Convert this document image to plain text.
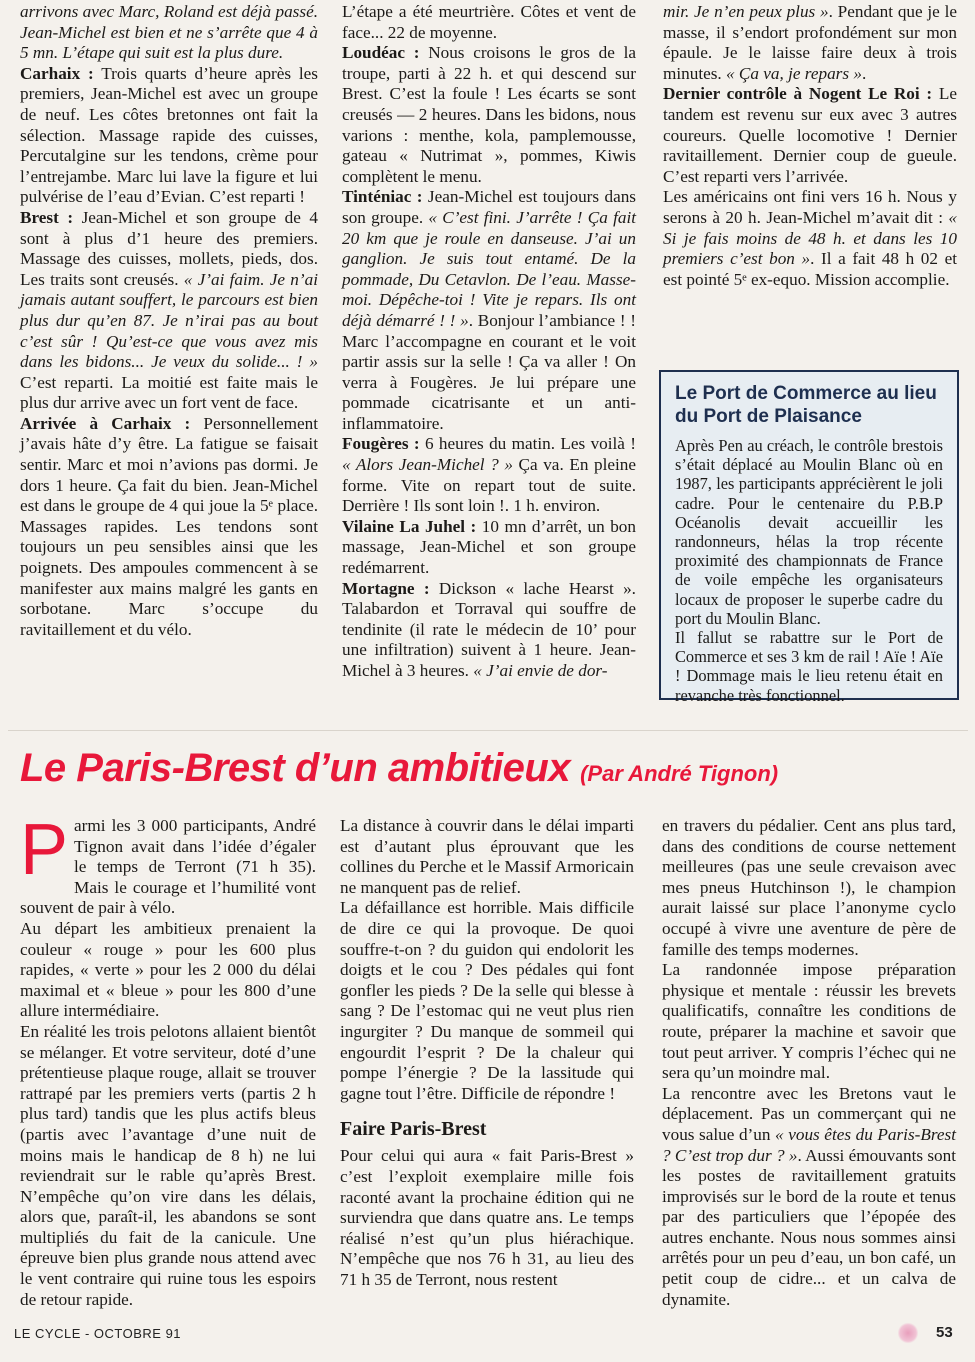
arrivons avec Marc, Roland est déjà passé. Jean-Michel est bien et ne s’arrête que 4 à 5 mn. L’étape qui suit est la plus dure.

Carhaix : Trois quarts d’heure après les premiers, Jean-Michel est avec un groupe de neuf. Les côtes bretonnes ont fait la sélection. Massage rapide des cuisses, Percutalgine sur les tendons, crème pour l’entrejambe. Marc lui lave la figure et lui pulvérise de l’eau d’Evian. C’est reparti !

Brest : Jean-Michel et son groupe de 4 sont à plus d’1 heure des premiers. Massage des cuisses, mollets, pieds, dos. Les traits sont creusés. « J’ai faim. Je n’ai jamais autant souffert, le parcours est bien plus dur qu’en 87. Je n’irai pas au bout c’est sûr ! Qu’est-ce que vous avez mis dans les bidons... Je veux du solide... ! » C’est reparti. La moitié est faite mais le plus dur arrive avec un fort vent de face.

Arrivée à Carhaix : Personnellement j’avais hâte d’y être. La fatigue se faisait sentir. Marc et moi n’avions pas dormi. Je dors 1 heure. Ça fait du bien. Jean-Michel est dans le groupe de 4 qui joue la 5ᵉ place. Massages rapides. Les tendons sont toujours un peu sensibles ainsi que les poignets. Des ampoules commencent à se manifester aux mains malgré les gants en sorbotane. Marc s’occupe du ravitaillement et du vélo.

L’étape a été meurtrière. Côtes et vent de face... 22 de moyenne.

Loudéac : Nous croisons le gros de la troupe, parti à 22 h. et qui descend sur Brest. C’est la foule ! Les écarts se sont creusés — 2 heures. Dans les bidons, nous varions : menthe, kola, pamplemousse, gateau « Nutrimat », pommes, Kiwis complètent le menu.

Tinténiac : Jean-Michel est toujours dans son groupe. « C’est fini. J’arrête ! Ça fait 20 km que je roule en danseuse. J’ai un ganglion. Je suis tout entamé. De la pommade, Du Cetavlon. De l’eau. Masse-moi. Dépêche-toi ! Vite je repars. Ils ont déjà démarré ! ! ». Bonjour l’ambiance ! ! Marc l’accompagne en courant et le voit partir assis sur la selle ! Ça va aller ! On verra à Fougères. Je lui prépare une pommade cicatrisante et un anti-inflammatoire.

Fougères : 6 heures du matin. Les voilà ! « Alors Jean-Michel ? » Ça va. En pleine forme. Vite on repart tout de suite. Derrière ! Ils sont loin !. 1 h. environ.

Vilaine La Juhel : 10 mn d’arrêt, un bon massage, Jean-Michel et son groupe redémarrent.

Mortagne : Dickson « lache Hearst ». Talabardon et Torraval qui souffre de tendinite (il rate le médecin de 10’ pour une infiltration) suivent à 1 heure. Jean-Michel à 3 heures. « J’ai envie de dor-

mir. Je n’en peux plus ». Pendant que je le masse, il s’endort profondément sur mon épaule. Je le laisse faire deux à trois minutes. « Ça va, je repars ».

Dernier contrôle à Nogent Le Roi : Le tandem est revenu sur eux avec 3 autres coureurs. Quelle locomotive ! Dernier ravitaillement. Dernier coup de gueule. C’est reparti vers l’arrivée.

Les américains ont fini vers 16 h. Nous y serons à 20 h. Jean-Michel m’avait dit : « Si je fais moins de 48 h. et dans les 10 premiers c’est bon ». Il a fait 48 h 02 et est pointé 5ᵉ ex-equo. Mission accomplie.

Le Port de Commerce au lieu du Port de Plaisance

Après Pen au créach, le contrôle brestois s’était déplacé au Moulin Blanc où en 1987, les participants apprécièrent le joli cadre. Pour le centenaire du P.B.P Océanolis devait accueillir les randonneurs, hélas la trop récente proximité des championnats de France de voile empêche les organisateurs locaux de proposer le superbe cadre du port du Moulin Blanc.

Il fallut se rabattre sur le Port de Commerce et ses 3 km de rail ! Aïe ! Aïe ! Dommage mais le lieu retenu était en revanche très fonctionnel.

Le Paris-Brest d’un ambitieux (Par André Tignon)
P armi les 3 000 participants, André Tignon avait dans l’idée d’égaler le temps de Terront (71 h 35). Mais le courage et l’humilité vont souvent de pair à vélo.

Au départ les ambitieux prenaient la couleur « rouge » pour les 600 plus rapides, « verte » pour les 2 000 du délai maximal et « bleue » pour les 800 d’une allure intermédiaire.

En réalité les trois pelotons allaient bientôt se mélanger. Et votre serviteur, doté d’une prétentieuse plaque rouge, allait se trouver rattrapé par les premiers verts (partis 2 h plus tard) tandis que les plus actifs bleus (partis avec l’avantage d’une nuit de moins mais le handicap de 8 h) ne lui reviendrait sur le rable qu’après Brest. N’empêche qu’on vire dans les délais, alors que, paraît-il, les abandons se sont multipliés du fait de la canicule. Une épreuve bien plus grande nous attend avec le vent contraire qui ruine tous les espoirs de retour rapide.

La distance à couvrir dans le délai imparti est d’autant plus éprouvant que les collines du Perche et le Massif Armoricain ne manquent pas de relief.

La défaillance est horrible. Mais difficile de dire ce qui la provoque. De quoi souffre-t-on ? du guidon qui endolorit les doigts et le cou ? Des pédales qui font gonfler les pieds ? De la selle qui blesse à sang ? De l’estomac qui ne veut plus rien ingurgiter ? Du manque de sommeil qui engourdit l’esprit ? De la chaleur qui pompe l’énergie ? De la lassitude qui gagne tout l’être. Difficile de répondre !

Faire Paris-Brest

Pour celui qui aura « fait Paris-Brest » c’est l’exploit exemplaire mille fois raconté avant la prochaine édition qui ne surviendra que dans quatre ans. Le temps réalisé n’est qu’un plus hiérachique. N’empêche que nos 76 h 31, au lieu des 71 h 35 de Terront, nous restent

en travers du pédalier. Cent ans plus tard, dans des conditions de course nettement meilleures (pas une seule crevaison avec mes pneus Hutchinson !), le champion aurait laissé sur place l’anonyme cyclo occupé à vivre une aventure de père de famille des temps modernes.

La randonnée impose préparation physique et mentale : réussir les brevets qualificatifs, connaître les conditions de route, préparer la machine et savoir que tout peut arriver. Y compris l’échec qui ne sera qu’un moindre mal.

La rencontre avec les Bretons vaut le déplacement. Pas un commerçant qui ne vous salue d’un « vous êtes du Paris-Brest ? C’est trop dur ? ». Aussi émouvants sont les postes de ravitaillement gratuits improvisés sur le bord de la route et tenus par des particuliers que l’épopée des autres enchante. Nous nous sommes ainsi arrêtés pour un peu d’eau, un bon café, un petit coup de cidre... et un calva de dynamite.

LE CYCLE - OCTOBRE 91	53
